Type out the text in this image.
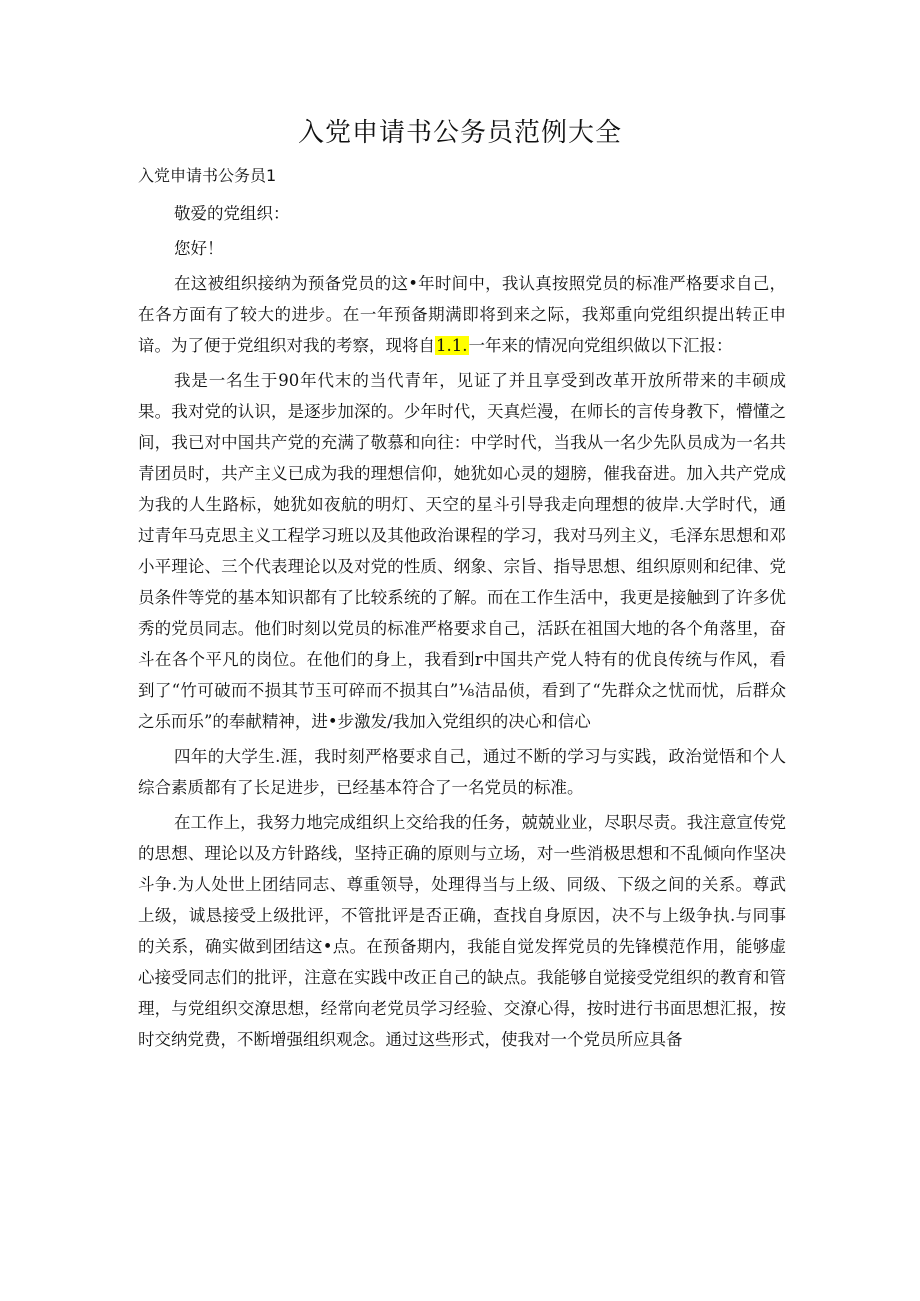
入党申请书公务员范例大全
入党申请书公务员1

敬爱的党组织：

您好！

在这被组织接纳为预备党员的这•年时间中，我认真按照党员的标准严格要求自己，在各方面有了较大的进步。在一年预备期满即将到来之际，我郑重向党组织提出转正申谙。为了便于党组织对我的考察，现将自1.1.一年来的情况向党组织做以下汇报：

我是一名生于90年代末的当代青年，见证了并且享受到改革开放所带来的丰硕成果。我对党的认识，是逐步加深的。少年时代，天真烂漫，在师长的言传身教下，懵懂之间，我已对中国共产党的充满了敬慕和向往：中学时代，当我从一名少先队员成为一名共青团员时，共产主义已成为我的理想信仰，她犹如心灵的翅膀，催我奋进。加入共产党成为我的人生路标，她犹如夜航的明灯、天空的星斗引导我走向理想的彼岸.大学时代，通过青年马克思主义工程学习班以及其他政治课程的学习，我对马列主义，毛泽东思想和邓小平理论、三个代表理论以及对党的性质、纲象、宗旨、指导思想、组织原则和纪律、党员条件等党的基本知识都有了比较系统的了解。而在工作生活中，我更是接触到了许多优秀的党员同志。他们时刻以党员的标准严格要求自己，活跃在祖国大地的各个角落里，奋斗在各个平凡的岗位。在他们的身上，我看到r中国共产党人特有的优良传统与作风，看到了“竹可破而不损其节玉可碎而不损其白”⅛洁品侦，看到了“先群众之忧而忧，后群众之乐而乐”的奉献精神，进•步激发/我加入党组织的决心和信心

四年的大学生.涯，我时刻严格要求自己，通过不断的学习与实践，政治觉悟和个人综合素质都有了长足进步，已经基本符合了一名党员的标准。

在工作上，我努力地完成组织上交给我的任务，兢兢业业，尽职尽责。我注意宣传党的思想、理论以及方针路线，坚持正确的原则与立场，对一些消极思想和不乱倾向作坚决斗争.为人处世上团结同志、尊重领导，处理得当与上级、同级、下级之间的关系。尊武上级，诚恳接受上级批评，不管批评是否正确，查找自身原因，决不与上级争执.与同事的关系，确实做到团结这•点。在预备期内，我能自觉发挥党员的先锋模范作用，能够虚心接受同志们的批评，注意在实践中改正自己的缺点。我能够自觉接受党组织的教育和管理，与党组织交潦思想，经常向老党员学习经验、交潦心得，按时进行书面思想汇报，按时交纳党费，不断增强组织观念。通过这些形式，使我对一个党员所应具备
